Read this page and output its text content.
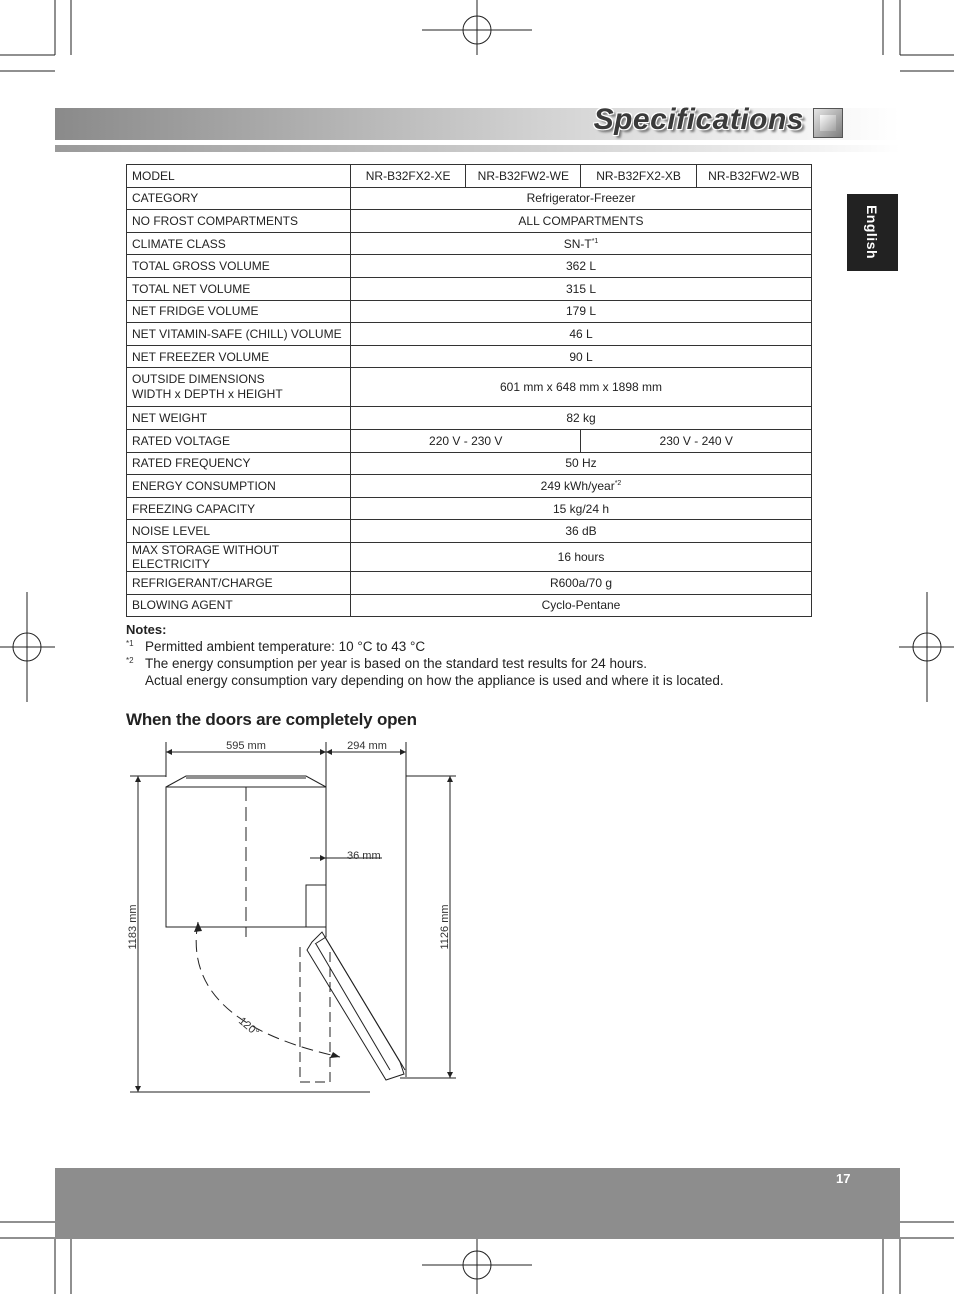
Specifications
English
MODEL	NR-B32FX2-XE	NR-B32FW2-WE	NR-B32FX2-XB	NR-B32FW2-WB
CATEGORY	Refrigerator-Freezer			
NO FROST COMPARTMENTS	ALL COMPARTMENTS			
CLIMATE CLASS	$SN-T^{*1}$
TOTAL GROSS VOLUME	362 L			
TOTAL NET VOLUME	315 L			
NET FRIDGE VOLUME	179 L			
NET VITAMIN-SAFE (CHILL) VOLUME	46 L			
NET FREEZER VOLUME	90 L			
OUTSIDE DIMENSIONS
WIDTH x DEPTH x HEIGHT	601 mm x 648 mm x 1898 mm			
NET WEIGHT	82 kg			
RATED VOLTAGE	220 V - 230 V		230 V - 240 V	
RATED FREQUENCY	50 Hz			
ENERGY CONSUMPTION	249 kWh/year$^{*2}$
FREEZING CAPACITY	15 kg/24 h			
NOISE LEVEL	36 dB			
MAX STORAGE WITHOUT ELECTRICITY	16 hours			
REFRIGERANT/CHARGE	R600a/70 g			
BLOWING AGENT	Cyclo-Pentane			
Notes:
*1 Permitted ambient temperature: 10 °C to 43 °C
*2 The energy consumption per year is based on the standard test results for 24 hours.
Actual energy consumption vary depending on how the appliance is used and where it is located.
When the doors are completely open
595 mm	294 mm
36 mm
1183 mm	1126 mm
120°
17
